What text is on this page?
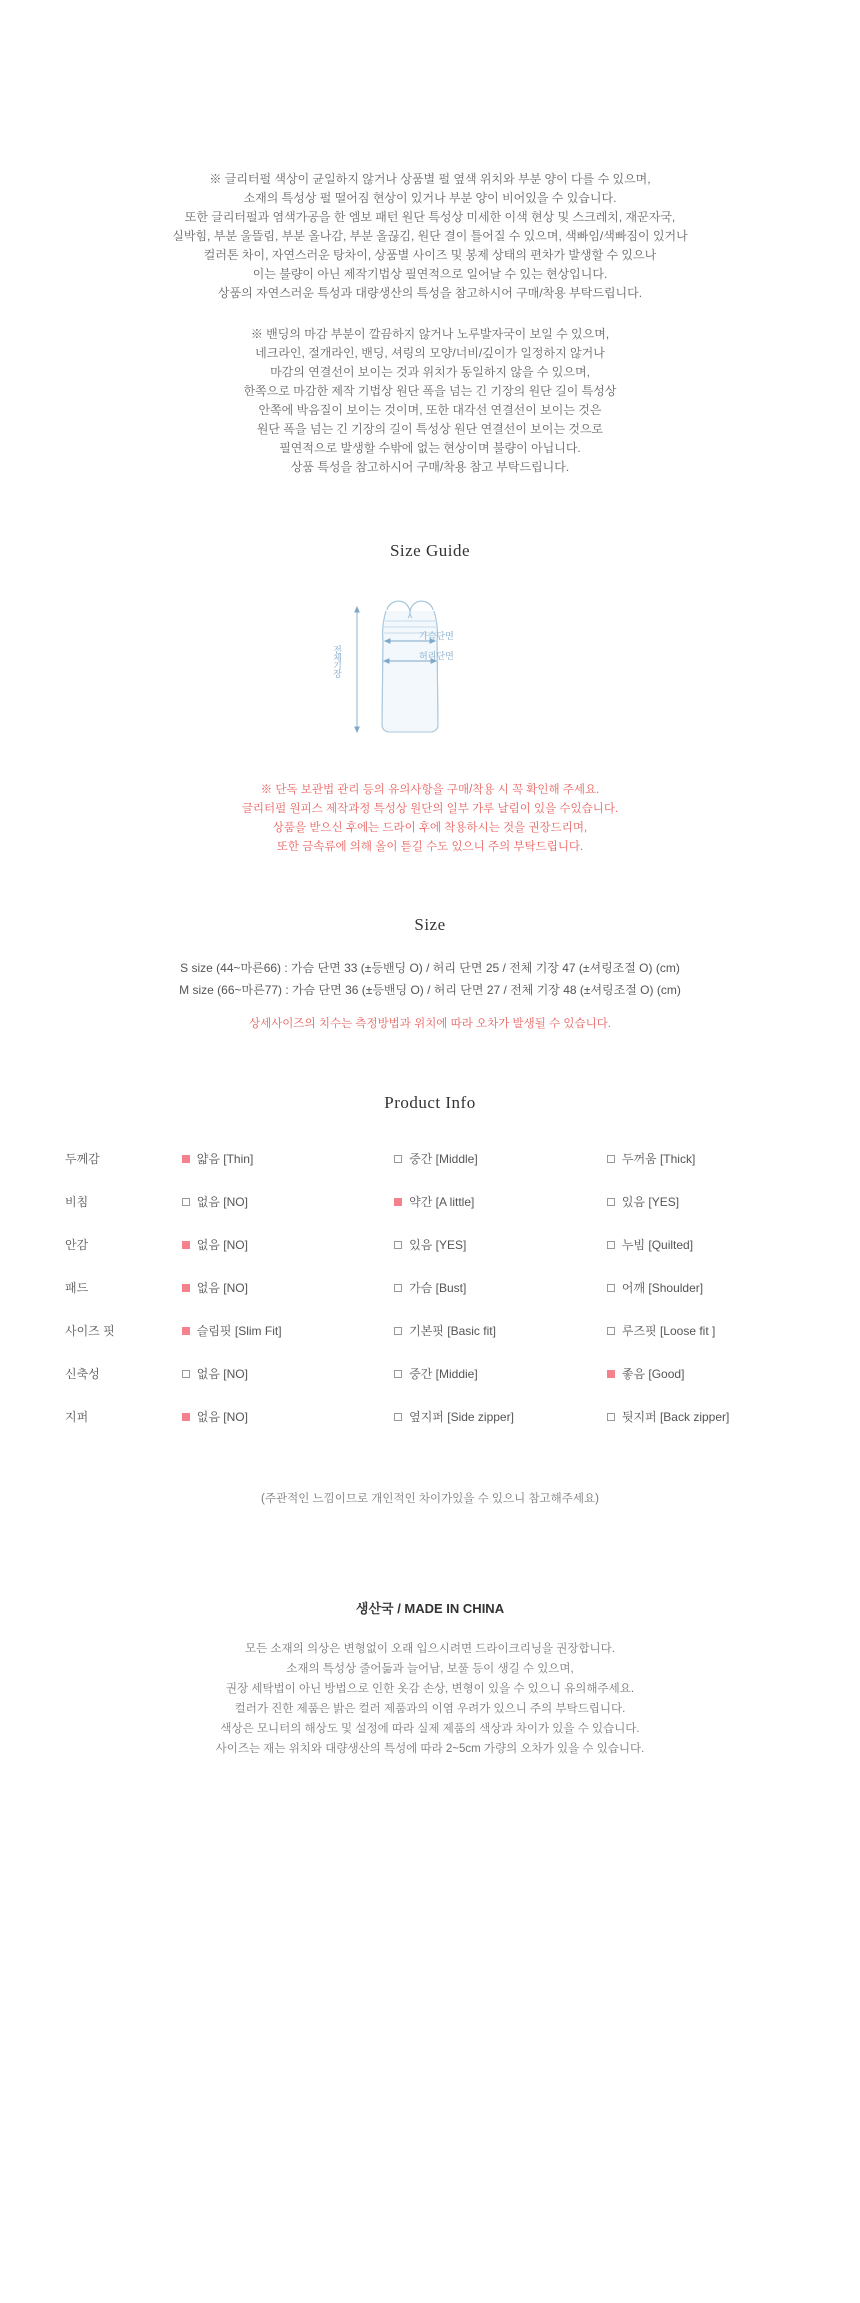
※ 글리터펄 색상이 균일하지 않거나 상품별 펄 옆색 위치와 부분 양이 다를 수 있으며,

소재의 특성상 펄 떨어짐 현상이 있거나 부분 양이 비어있을 수 있습니다.

또한 글리터펄과 염색가공을 한 엠보 패턴 원단 특성상 미세한 이색 현상 및 스크레치, 재꾼자국,

실박힘, 부분 울뜰림, 부분 올나감, 부분 올끊김, 원단 결이 틀어질 수 있으며, 색빠임/색빠짐이 있거나

컬러톤 차이, 자연스러운 탕차이, 상품별 사이즈 및 봉제 상태의 편차가 발생할 수 있으나

이는 불량이 아닌 제작기법상 필연적으로 일어날 수 있는 현상입니다.

상품의 자연스러운 특성과 대량생산의 특성을 참고하시어 구매/착용 부탁드립니다.

※ 밴딩의 마감 부분이 깔끔하지 않거나 노루발자국이 보일 수 있으며,

네크라인, 절개라인, 밴딩, 셔링의 모양/너비/깊이가 일정하지 않거나

마감의 연결선이 보이는 것과 위치가 동일하지 않을 수 있으며,

한쪽으로 마감한 제작 기법상 원단 폭을 넘는 긴 기장의 원단 길이 특성상

안쪽에 박음질이 보이는 것이며, 또한 대각선 연결선이 보이는 것은

원단 폭을 넘는 긴 기장의 길이 특성상 원단 연결선이 보이는 것으로

필연적으로 발생할 수밖에 없는 현상이며 불량이 아닙니다.

상품 특성을 참고하시어 구매/착용 참고 부탁드립니다.

Size Guide
전체기장
가슴단면
허리단면

※ 단독 보관법 관리 등의 유의사항을 구매/착용 시 꼭 확인해 주세요.

글리터펄 원피스 제작과정 특성상 원단의 일부 가루 날림이 있을 수있습니다.

상품을 받으신 후에는 드라이 후에 착용하시는 것을 권장드리며,

또한 금속류에 의해 올이 튿길 수도 있으니 주의 부탁드립니다.

Size

S size (44~마른66) : 가슴 단면 33 (±등밴딩 O) / 허리 단면 25 / 전체 기장 47 (±셔링조절 O) (cm)

M size (66~마른77) : 가슴 단면 36 (±등밴딩 O) / 허리 단면 27 / 전체 기장 48 (±셔링조절 O) (cm)

상세사이즈의 치수는 측정방법과 위치에 따라 오차가 발생될 수 있습니다.
Product Info
두께감	얇음 [Thin]	중간 [Middle]	두꺼움 [Thick]
비침	없음 [NO]	약간 [A little]	있음 [YES]
안감	없음 [NO]	있음 [YES]	누빔 [Quilted]
패드	없음 [NO]	가슴 [Bust]	어깨 [Shoulder]
사이즈 핏	슬림핏 [Slim Fit]	기본핏 [Basic fit]	루즈핏 [Loose fit ]
신축성	없음 [NO]	중간 [Middie]	좋음 [Good]
지퍼	없음 [NO]	옆지퍼 [Side zipper]	뒷지퍼 [Back zipper]
(주관적인 느낌이므로 개인적인 차이가있을 수 있으니 참고해주세요)
생산국 / MADE IN CHINA

모든 소재의 의상은 변형없이 오래 입으시려면 드라이크리닝을 권장합니다.

소재의 특성상 줄어듦과 늘어남, 보풀 등이 생길 수 있으며,

권장 세탁법이 아닌 방법으로 인한 옷감 손상, 변형이 있을 수 있으니 유의해주세요.

컬러가 진한 제품은 밝은 컬러 제품과의 이염 우려가 있으니 주의 부탁드립니다.

색상은 모니터의 해상도 및 설정에 따라 실제 제품의 색상과 차이가 있을 수 있습니다.

사이즈는 재는 위치와 대량생산의 특성에 따라 2~5cm 가량의 오차가 있을 수 있습니다.
